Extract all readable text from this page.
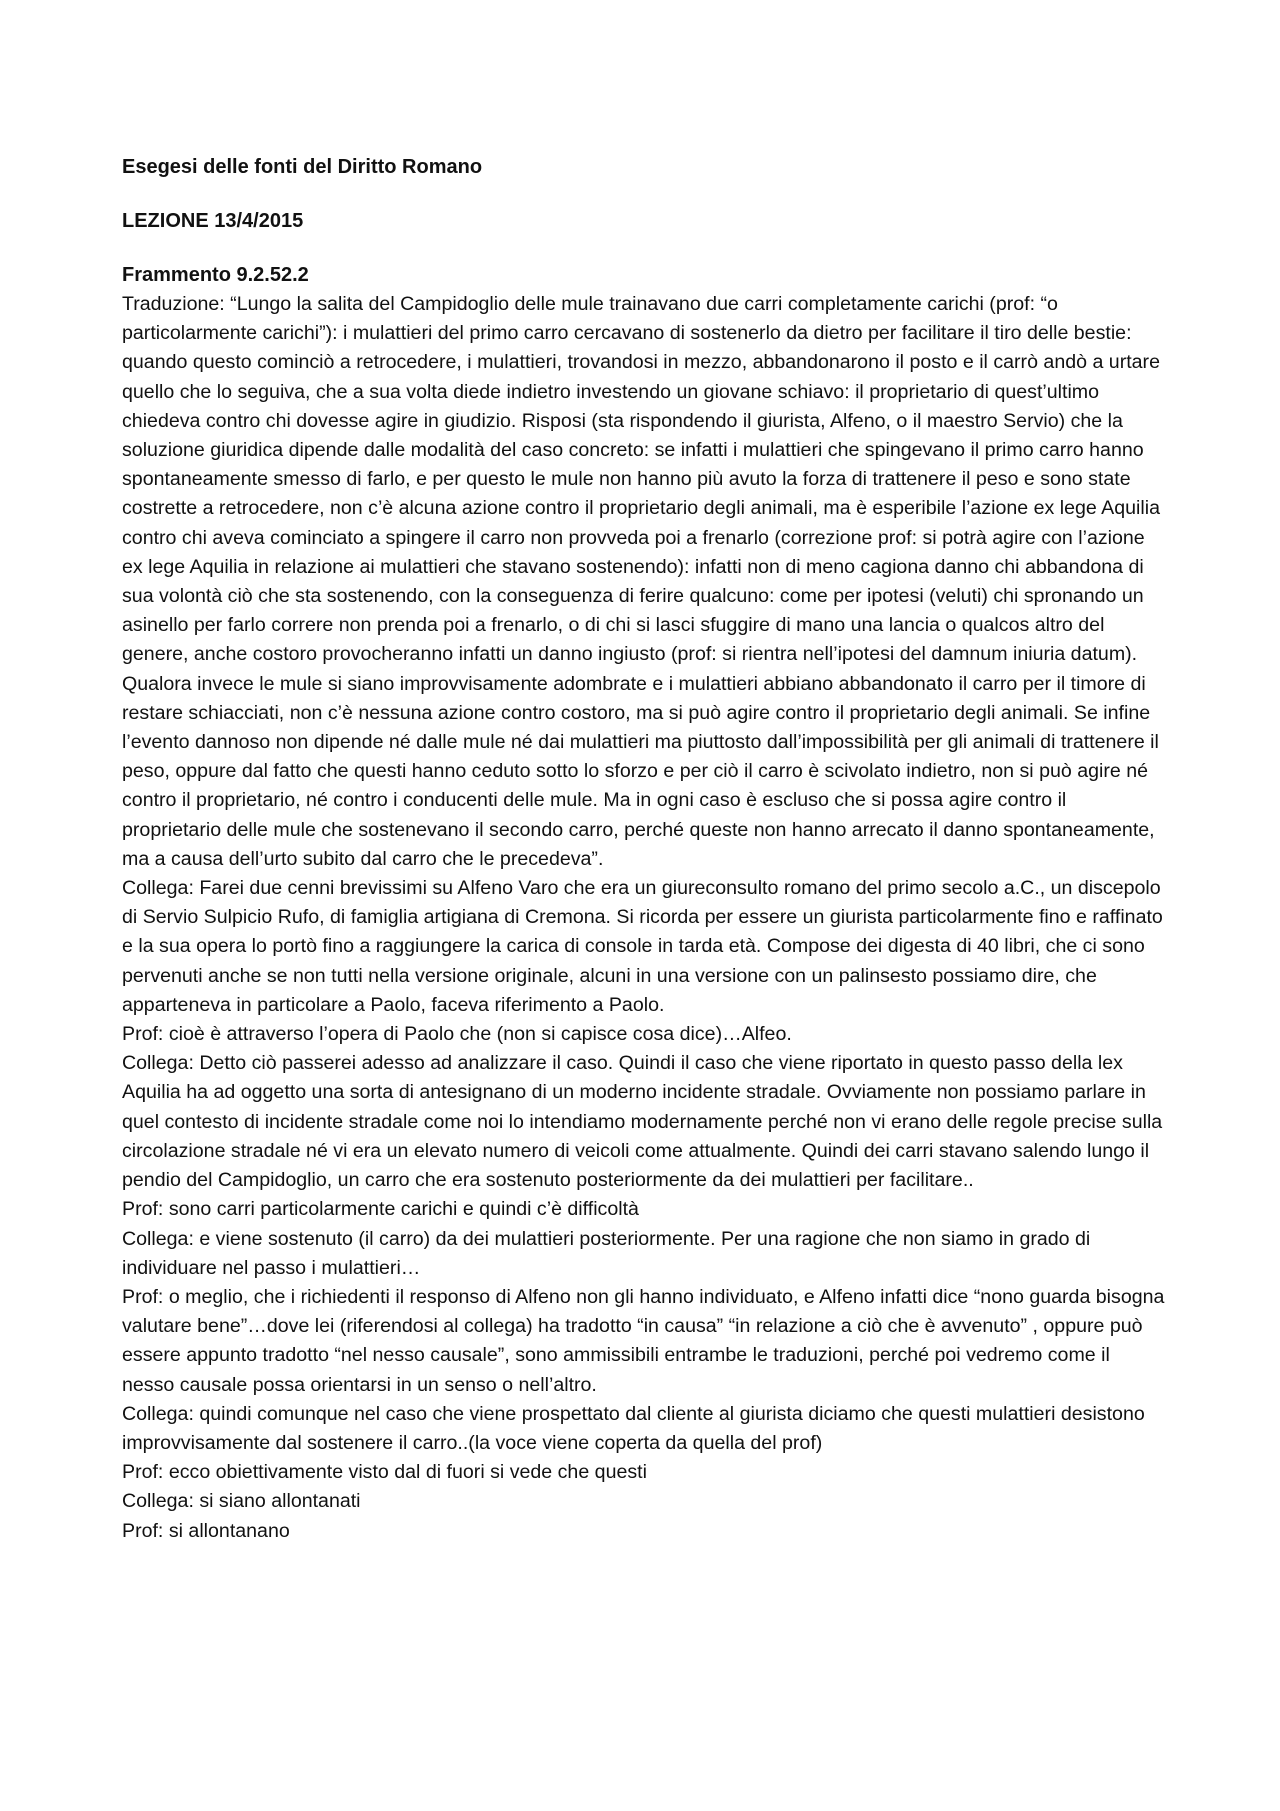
Esegesi delle fonti del Diritto Romano

LEZIONE 13/4/2015

Frammento 9.2.52.2

Traduzione: “Lungo la salita del Campidoglio delle mule trainavano due carri completamente carichi (prof: “o particolarmente carichi”): i mulattieri del primo carro cercavano di sostenerlo da dietro per facilitare il tiro delle bestie: quando questo cominciò a retrocedere, i mulattieri, trovandosi in mezzo, abbandonarono il posto e il carrò andò a urtare quello che lo seguiva, che a sua volta diede indietro investendo un giovane schiavo: il proprietario di quest’ultimo chiedeva contro chi dovesse agire in giudizio. Risposi (sta rispondendo il giurista, Alfeno, o il maestro Servio) che la soluzione giuridica dipende dalle modalità del caso concreto: se infatti i mulattieri che spingevano il primo carro hanno spontaneamente smesso di farlo, e per questo le mule non hanno più avuto la forza di trattenere il peso e sono state costrette a retrocedere, non c’è alcuna azione contro il proprietario degli animali, ma è esperibile l’azione ex lege Aquilia contro chi aveva cominciato a spingere il carro non provveda poi a frenarlo (correzione prof: si potrà agire con l’azione ex lege Aquilia in relazione ai mulattieri che stavano sostenendo): infatti non di meno cagiona danno chi abbandona di sua volontà ciò che sta sostenendo, con la conseguenza di ferire qualcuno: come per ipotesi (veluti) chi spronando un asinello per farlo correre non prenda poi a frenarlo, o di chi si lasci sfuggire di mano una lancia o qualcos altro del genere, anche costoro provocheranno infatti un danno ingiusto (prof: si rientra nell’ipotesi del damnum iniuria datum). Qualora invece le mule si siano improvvisamente adombrate e i mulattieri abbiano abbandonato il carro per il timore di restare schiacciati, non c’è nessuna azione contro costoro, ma si può agire contro il proprietario degli animali. Se infine l’evento dannoso non dipende né dalle mule né dai mulattieri ma piuttosto dall’impossibilità per gli animali di trattenere il peso, oppure dal fatto che questi hanno ceduto sotto lo sforzo e per ciò il carro è scivolato indietro, non si può agire né contro il proprietario, né contro i conducenti delle mule. Ma in ogni caso è escluso che si possa agire contro il proprietario delle mule che sostenevano il secondo carro, perché queste non hanno arrecato il danno spontaneamente, ma a causa dell’urto subito dal carro che le precedeva”.

Collega: Farei due cenni brevissimi su Alfeno Varo che era un giureconsulto romano del primo secolo a.C., un discepolo di Servio Sulpicio Rufo, di famiglia artigiana di Cremona. Si ricorda per essere un giurista particolarmente fino e raffinato e la sua opera lo portò fino a raggiungere la carica di console in tarda età. Compose dei digesta di 40 libri, che ci sono pervenuti anche se non tutti nella versione originale, alcuni in una versione con un palinsesto possiamo dire, che apparteneva in particolare a Paolo, faceva riferimento a Paolo.

Prof: cioè è attraverso l’opera di Paolo che (non si capisce cosa dice)…Alfeo.

Collega: Detto ciò passerei adesso ad analizzare il caso. Quindi il caso che viene riportato in questo passo della lex Aquilia ha ad oggetto una sorta di antesignano di un moderno incidente stradale. Ovviamente non possiamo parlare in quel contesto di incidente stradale come noi lo intendiamo modernamente perché non vi erano delle regole precise sulla circolazione stradale né vi era un elevato numero di veicoli come attualmente. Quindi dei carri stavano salendo lungo il pendio del Campidoglio, un carro che era sostenuto posteriormente da dei mulattieri per facilitare..

Prof: sono carri particolarmente carichi e quindi c’è difficoltà

Collega: e viene sostenuto (il carro) da dei mulattieri posteriormente. Per una ragione che non siamo in grado di individuare nel passo i mulattieri…

Prof: o meglio, che i richiedenti il responso di Alfeno non gli hanno individuato, e Alfeno infatti dice “nono guarda bisogna valutare bene”…dove lei (riferendosi al collega) ha tradotto “in causa” “in relazione a ciò che è avvenuto” , oppure può essere appunto tradotto “nel nesso causale”, sono ammissibili entrambe le traduzioni, perché poi vedremo come il nesso causale possa orientarsi in un senso o nell’altro.

Collega: quindi comunque nel caso che viene prospettato dal cliente al giurista diciamo che questi mulattieri desistono improvvisamente dal sostenere il carro..(la voce viene coperta da quella del prof)

Prof: ecco obiettivamente visto dal di fuori si vede che questi

Collega: si siano allontanati

Prof: si allontanano
